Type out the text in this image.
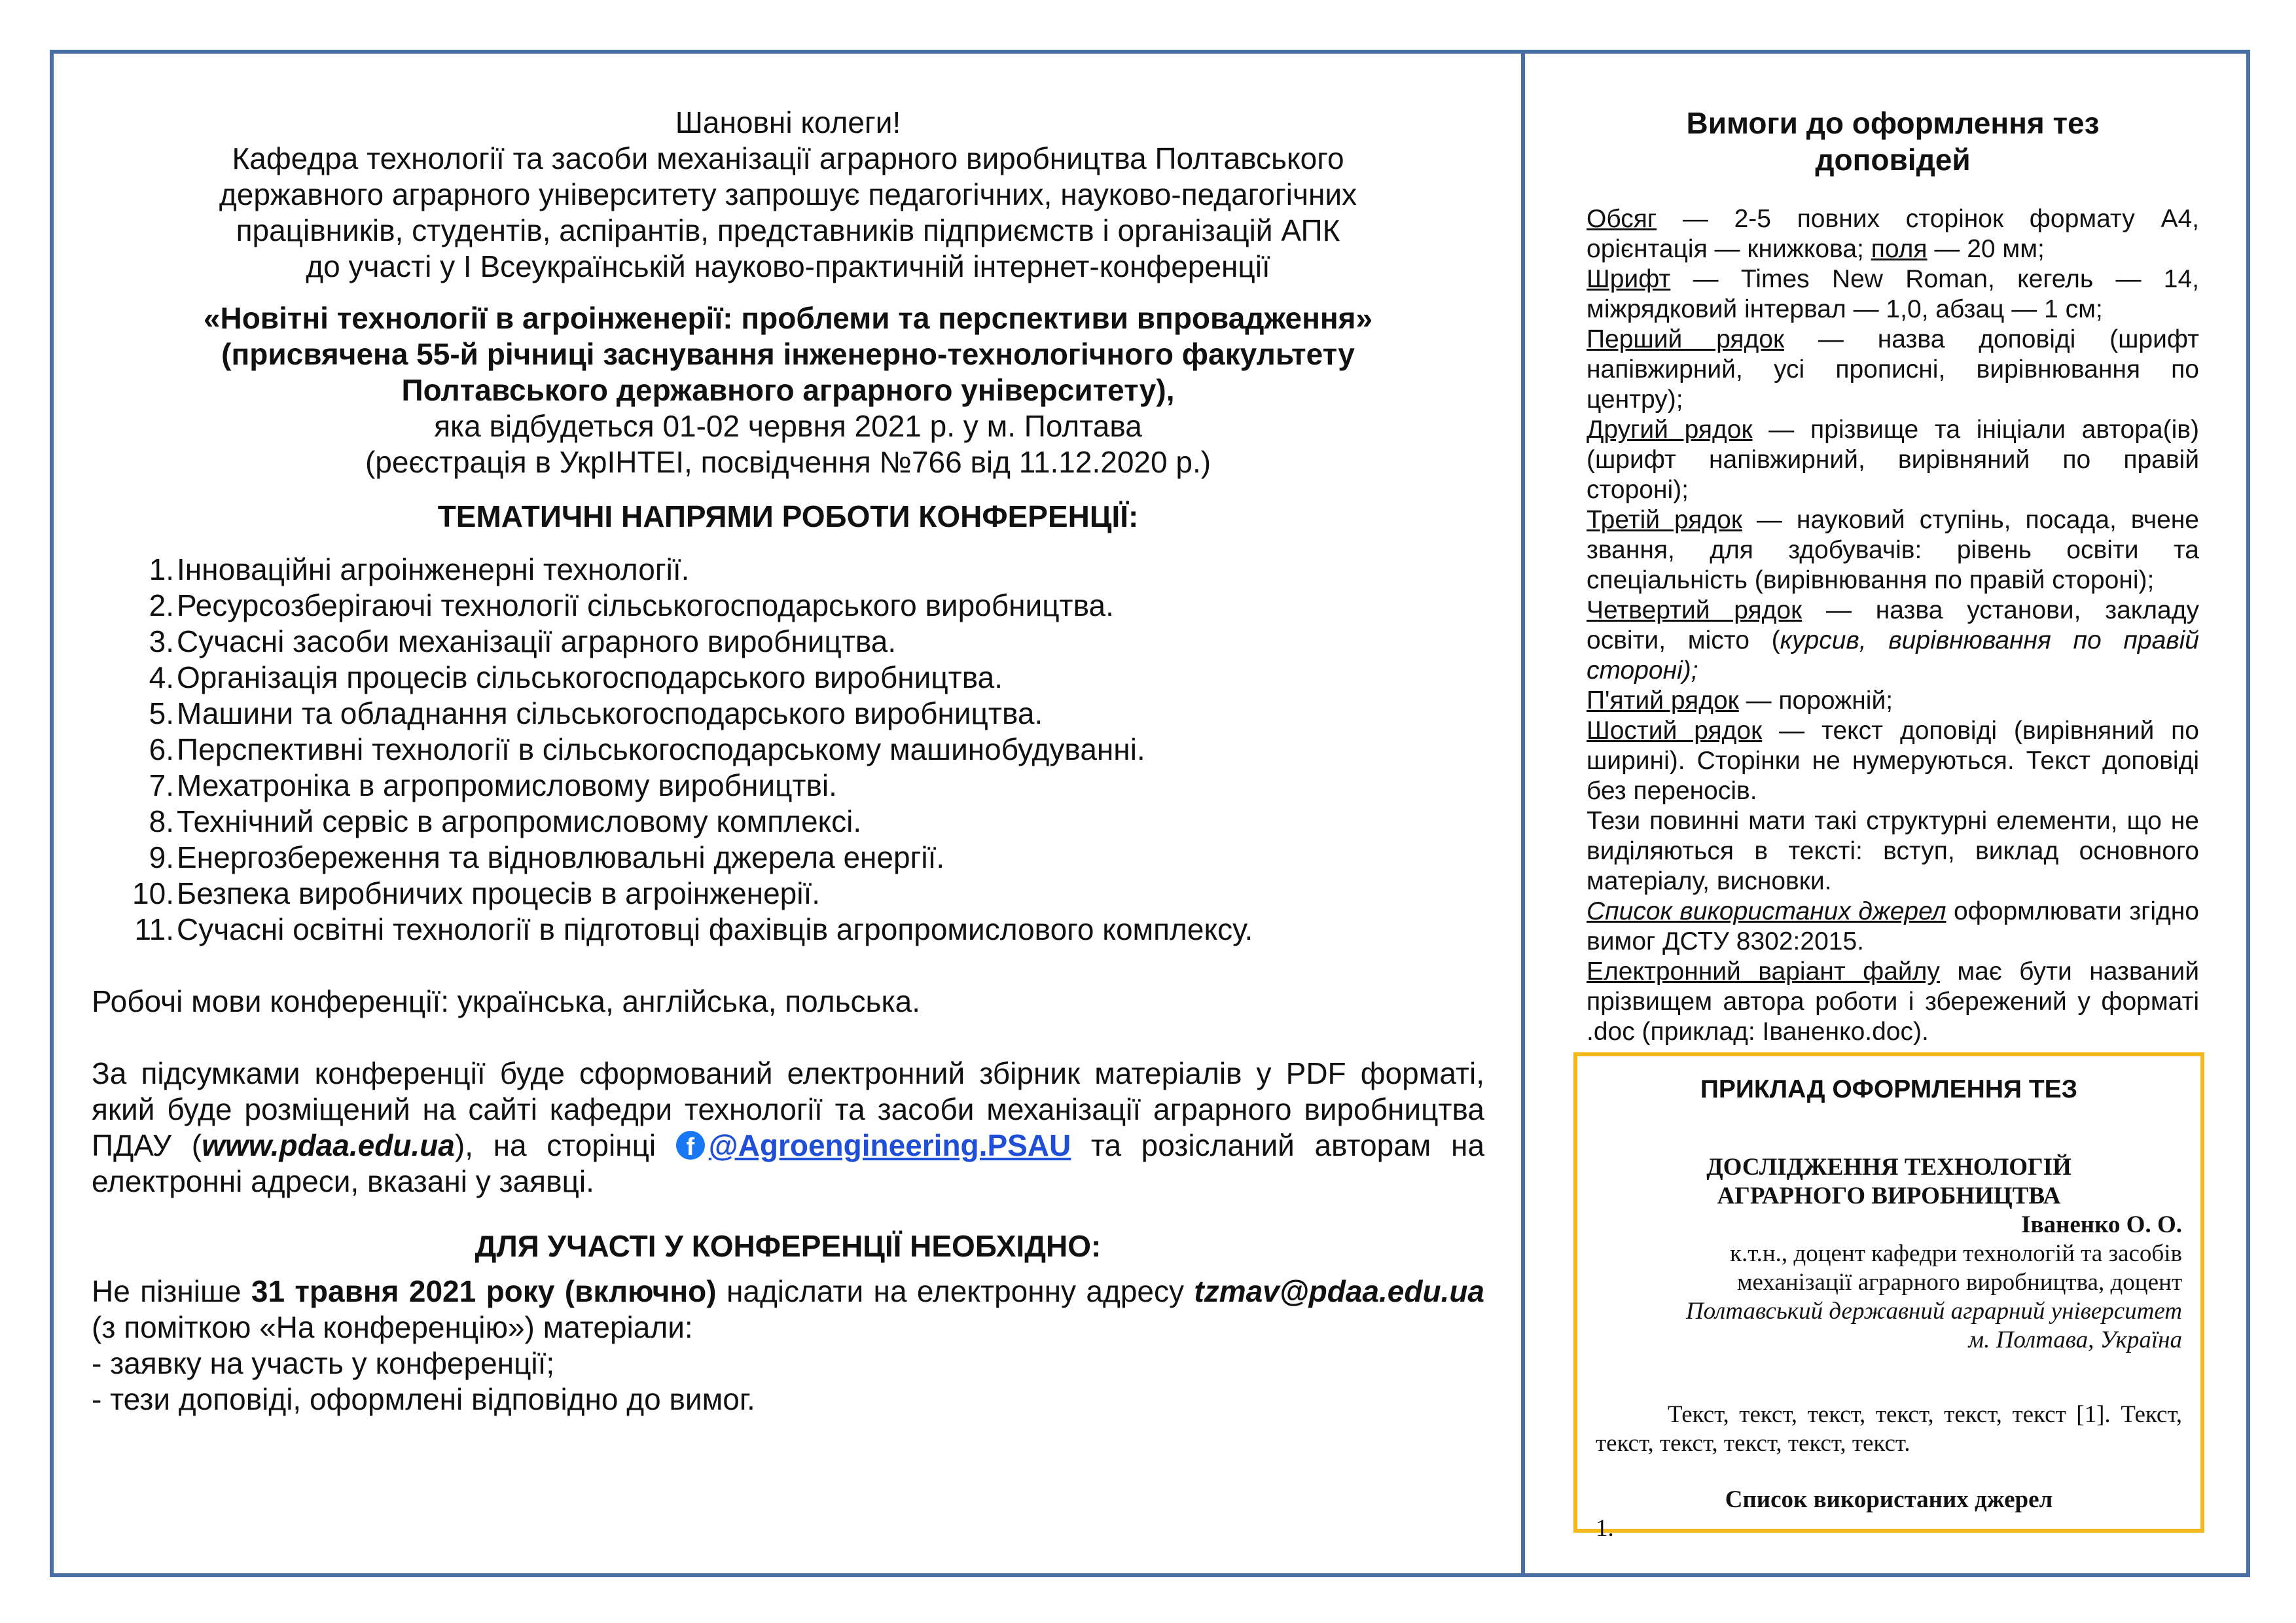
Шановні колеги!
Кафедра технології та засоби механізації аграрного виробництва Полтавського
державного аграрного університету запрошує педагогічних, науково-педагогічних
працівників, студентів, аспірантів, представників підприємств і організацій АПК
до участі у І Всеукраїнській науково-практичній інтернет-конференції
«Новітні технології в агроінженерії: проблеми та перспективи впровадження»
(присвячена 55-й річниці заснування інженерно-технологічного факультету
Полтавського державного аграрного університету),
яка відбудеться 01-02 червня 2021 р. у м. Полтава
(реєстрація в УкрІНТЕІ, посвідчення №766 від 11.12.2020 р.)
ТЕМАТИЧНІ НАПРЯМИ РОБОТИ КОНФЕРЕНЦІЇ:
1. Інноваційні агроінженерні технології.
2. Ресурсозберігаючі технології сільськогосподарського виробництва.
3. Сучасні засоби механізації аграрного виробництва.
4. Організація процесів сільськогосподарського виробництва.
5. Машини та обладнання сільськогосподарського виробництва.
6. Перспективні технології в сільськогосподарському машинобудуванні.
7. Мехатроніка в агропромисловому виробництві.
8. Технічний сервіс в агропромисловому комплексі.
9. Енергозбереження та відновлювальні джерела енергії.
10. Безпека виробничих процесів в агроінженерії.
11. Сучасні освітні технології в підготовці фахівців агропромислового комплексу.
Робочі мови конференції: українська, англійська, польська.
За підсумками конференції буде сформований електронний збірник матеріалів у PDF форматі, який буде розміщений на сайті кафедри технології та засоби механізації аграрного виробництва ПДАУ (www.pdaa.edu.ua), на сторінці f @Agroengineering.PSAU та розісланий авторам на електронні адреси, вказані у заявці.
ДЛЯ УЧАСТІ У КОНФЕРЕНЦІЇ НЕОБХІДНО:
Не пізніше 31 травня 2021 року (включно) надіслати на електронну адресу tzmav@pdaa.edu.ua (з поміткою «На конференцію») матеріали:
- заявку на участь у конференції;
- тези доповіді, оформлені відповідно до вимог.
Вимоги до оформлення тез
доповідей

Обсяг — 2-5 повних сторінок формату А4, орієнтація — книжкова; поля — 20 мм;

Шрифт — Times New Roman, кегель — 14, міжрядковий інтервал — 1,0, абзац — 1 см;

Перший рядок — назва доповіді (шрифт напівжирний, усі прописні, вирівнювання по центру);

Другий рядок — прізвище та ініціали автора(ів) (шрифт напівжирний, вирівняний по правій стороні);

Третій рядок — науковий ступінь, посада, вчене звання, для здобувачів: рівень освіти та спеціальність (вирівнювання по правій стороні);

Четвертий рядок — назва установи, закладу освіти, місто (курсив, вирівнювання по правій стороні);

П'ятий рядок — порожній;

Шостий рядок — текст доповіді (вирівняний по ширині). Сторінки не нумеруються. Текст доповіді без переносів.

Тези повинні мати такі структурні елементи, що не виділяються в тексті: вступ, виклад основного матеріалу, висновки.

Список використаних джерел оформлювати згідно вимог ДСТУ 8302:2015.

Електронний варіант файлу має бути названий прізвищем автора роботи і збережений у форматі .doc (приклад: Іваненко.doc).

ПРИКЛАД ОФОРМЛЕННЯ ТЕЗ
ДОСЛІДЖЕННЯ ТЕХНОЛОГІЙ
АГРАРНОГО ВИРОБНИЦТВА
Іваненко О. О.
к.т.н., доцент кафедри технологій та засобів
механізації аграрного виробництва, доцент
Полтавський державний аграрний університет
м. Полтава, Україна
Текст, текст, текст, текст, текст, текст [1]. Текст, текст, текст, текст, текст, текст.
Список використаних джерел
1.
